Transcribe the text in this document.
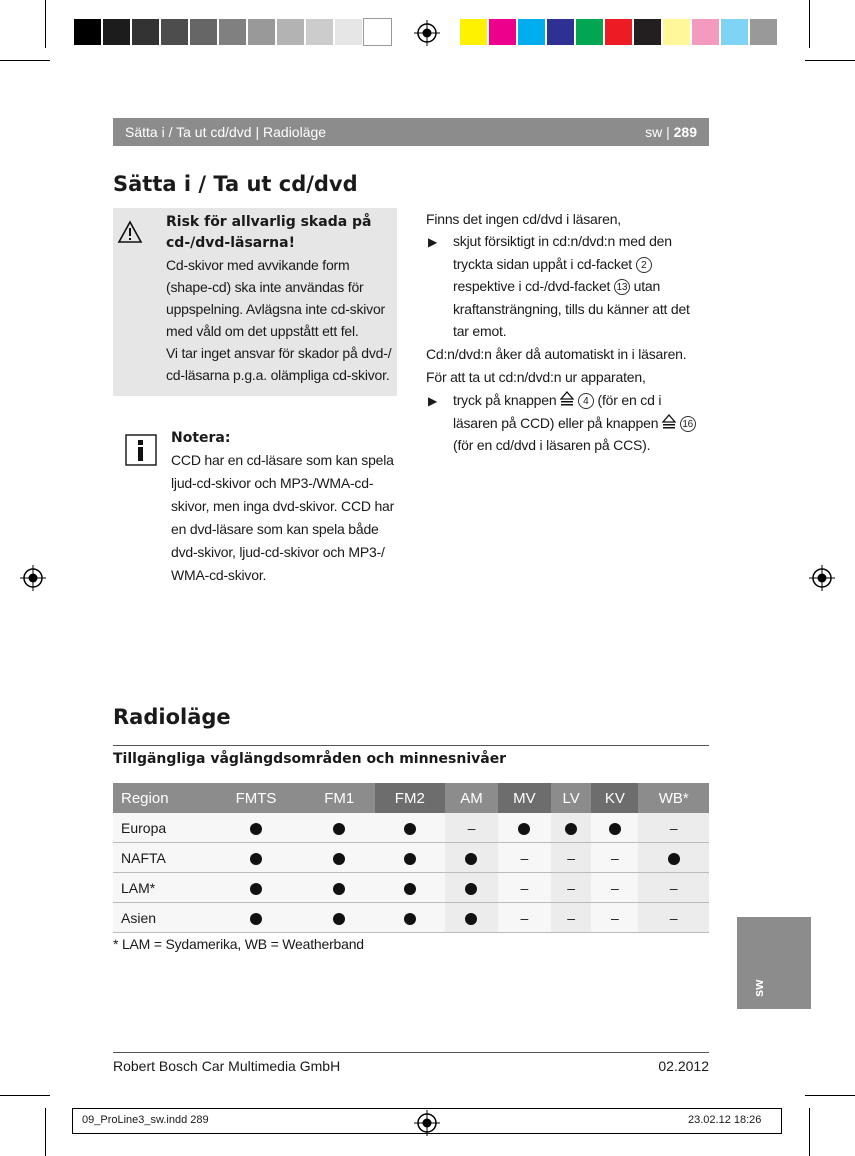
Sätta i / Ta ut cd/dvd | Radioläge	sw | 289
Sätta i / Ta ut cd/dvd
Risk för allvarlig skada på
cd-/dvd-läsarna!
Cd-skivor med avvikande form
(shape-cd) ska inte användas för
uppspelning. Avlägsna inte cd-skivor
med våld om det uppstått ett fel.
Vi tar inget ansvar för skador på dvd-/
cd-läsarna p.g.a. olämpliga cd-skivor.
Notera:
CCD har en cd-läsare som kan spela
ljud-cd-skivor och MP3-/WMA-cd-
skivor, men inga dvd-skivor. CCD har
en dvd-läsare som kan spela både
dvd-skivor, ljud-cd-skivor och MP3-/
WMA-cd-skivor.
Finns det ingen cd/dvd i läsaren,
▶ skjut försiktigt in cd:n/dvd:n med den
tryckta sidan uppåt i cd-facket 2
respektive i cd-/dvd-facket 13 utan
kraftansträngning, tills du känner att det
tar emot.
Cd:n/dvd:n åker då automatiskt in i läsaren.
För att ta ut cd:n/dvd:n ur apparaten,
▶ tryck på knappen	4 (för en cd i
läsaren på CCD) eller på knappen 16
(för en cd/dvd i läsaren på CCS).
Radioläge
Tillgängliga våglängdsområden och minnesnivåer
Region	FMTS	FM1	FM2	AM	MV	LV	KV	WB*
Europa				–				–
NAFTA					–	–	–	
LAM*					–	–	–	–
Asien					–	–	–	–
* LAM = Sydamerika, WB = Weatherband
sw
Robert Bosch Car Multimedia GmbH	02.2012
09_ProLine3_sw.indd 289	23.02.12 18:26
